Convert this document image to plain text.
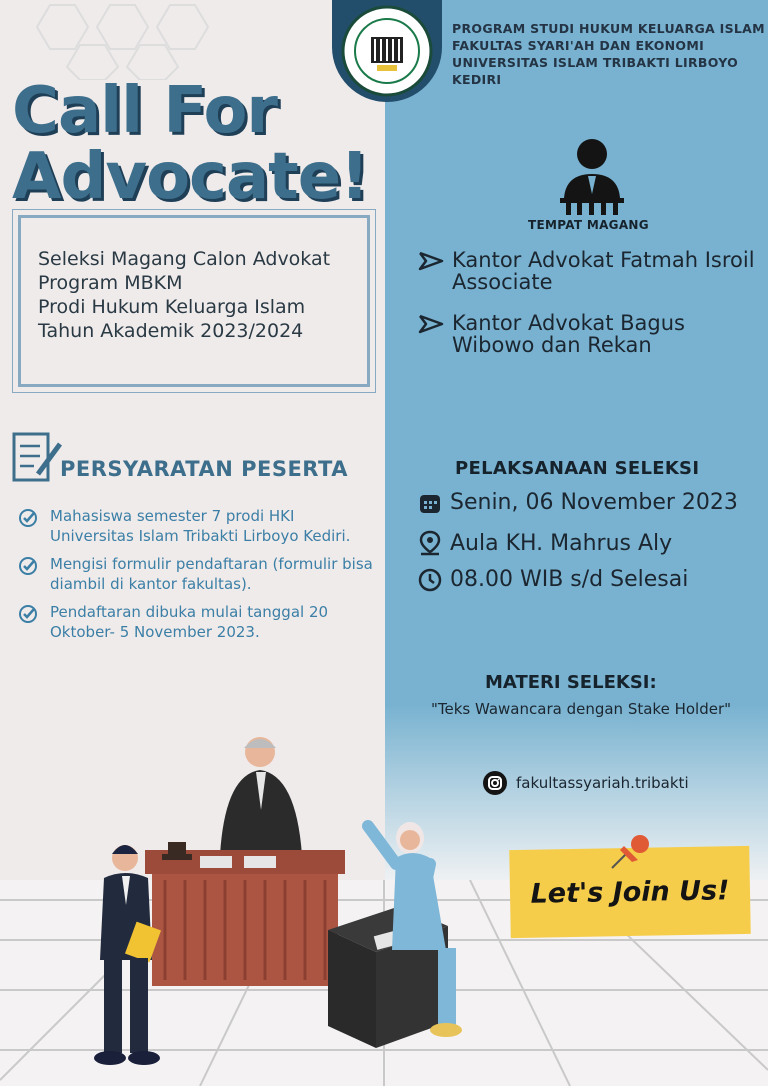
PROGRAM STUDI HUKUM KELUARGA ISLAM
FAKULTAS SYARI'AH DAN EKONOMI
UNIVERSITAS ISLAM TRIBAKTI LIRBOYO KEDIRI
Call For
Advocate!
Seleksi Magang Calon Advokat
Program MBKM
Prodi Hukum Keluarga Islam
Tahun Akademik 2023/2024
PERSYARATAN PESERTA
Mahasiswa semester 7 prodi HKI Universitas Islam Tribakti Lirboyo Kediri.
Mengisi formulir pendaftaran (formulir bisa diambil di kantor fakultas).
Pendaftaran dibuka mulai tanggal 20 Oktober- 5 November 2023.
TEMPAT MAGANG
Kantor Advokat Fatmah Isroil Associate
Kantor Advokat Bagus Wibowo dan Rekan
PELAKSANAAN SELEKSI
Senin, 06 November 2023
Aula KH. Mahrus Aly
08.00 WIB s/d Selesai
MATERI SELEKSI:
"Teks Wawancara dengan Stake Holder"
fakultassyariah.tribakti
Let's Join Us!
